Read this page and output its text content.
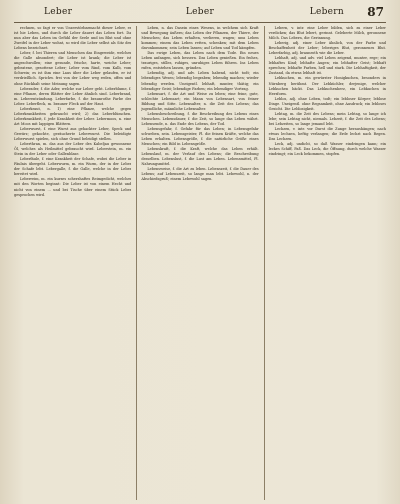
Leber	Leber	Lebern 87

rechnen, so fagt er von Unzerstörbarmacht dieser Leber, er ist hie Leben, und durch die Leber dauert das Leben fort. Da nun aber das Leben im Gefühl der Seele und im Blut und ohne Zweifel in der Leber wohnt, so wird die Leber selbst als Sitz des Lebens bezeichnet.

Leber, f. bei Thieren und Menschen das Eingeweide, welches die Galle absondert; die Leber ist krank; die Leber ist angeschwollen; eine gesunde, frische, harte, weiche Leber; gebratene, gesottene Leber; Leber vom Rind, vom Kalb, vom Schwein; es ist ihm eine Laus über die Leber gelaufen, er ist verdrießlich. Sprichw. frei von der Leber weg reden, offen und ohne Rückhalt seine Meinung sagen.

Leberader, f. die Ader, welche zur Leber geht. Leberblume, f. eine Pflanze, deren Blätter der Leber ähnlich sind. Leberbrand, m. Leberentzündung. Leberfarbe, f. die braunrothe Farbe der Leber. Leberfleck, m. brauner Fleck auf der Haut.

Leberkraut, n. 1) eine Pflanze, welche gegen Leberkrankheiten gebraucht wird; 2) das Leberblümchen. Leberkrankheit, f. jede Krankheit der Leber. Lebermoos, n. eine Art Moos mit lappigen Blättern.

Leberwurst, f. eine Wurst aus gehackter Leber, Speck und Gewürz; gekochte, geräucherte Leberwurst. Die beleidigte Leberwurst spielen, sich ohne Grund beleidigt stellen.

Leberthran, m. das aus der Leber des Kabeljau gewonnene Öl, welches als Heilmittel gebraucht wird. Leberstein, m. ein Stein in der Leber oder Gallenblase.

Leberfäule, f. eine Krankheit der Schafe, wobei die Leber in Fäulnis übergeht. Leberwurm, m. ein Wurm, der in der Leber der Schafe lebt. Lebergalle, f. die Galle, welche in der Leber bereitet wird.

Leberreim, m. ein kurzes scherzhaftes Reimgedicht, welches mit den Worten beginnt: Die Leber ist von einem Hecht und nicht von einem ... und bei Tische über einem Stück Leber gesprochen wird.

Leben, n. das Dasein eines Wesens, in welchem sich Kraft und Bewegung äußern; das Leben der Pflanzen, der Thiere, der Menschen; das Leben erhalten, verlieren, wagen; ums Leben kommen; einem das Leben retten, schenken; mit dem Leben davonkommen; sein Leben lassen; auf Leben und Tod kämpfen.

Das ewige Leben, das Leben nach dem Tode. Ein neues Leben anfangen, sich bessern. Das Leben genießen. Ein frohes, trauriges, stilles, ruhiges, unruhiges Leben führen. Ins Leben rufen, entstehen lassen, gründen.

Lebendig, adj. und adv. Leben habend, nicht todt; ein lebendiges Wesen; lebendig begraben; lebendig machen; wieder lebendig werden. Uneigentl. lebhaft, munter, thätig; ein lebendiger Geist; lebendige Farben; ein lebendiger Vortrag.

Lebensart, f. die Art und Weise zu leben; eine feine, gute, schlechte Lebensart; ein Mann von Lebensart, von feiner Bildung und Sitte. Lebensalter, n. die Zeit des Lebens; das jugendliche, männliche Lebensalter.

Lebensbeschreibung, f. die Beschreibung des Lebens eines Menschen. Lebensdauer, f. die Zeit, so lange das Leben währt. Lebensende, n. das Ende des Lebens, der Tod.

Lebensgefahr, f. Gefahr für das Leben; in Lebensgefahr schweben, sein. Lebensgeister, Pl. die feinen Kräfte, welche das Leben erhalten. Lebensgröße, f. die natürliche Größe eines Menschen; ein Bild in Lebensgröße.

Lebenskraft, f. die Kraft, welche das Leben erhält. Lebenslauf, m. der Verlauf des Lebens; die Beschreibung desselben. Lebenslust, f. die Lust am Leben. Lebensmittel, Pl. Nahrungsmittel.

Lebensweise, f. die Art zu leben. Lebenszeit, f. die Dauer des Lebens; auf Lebenszeit, so lange man lebt. Lebewohl, n. der Abschiedsgruß; einem Lebewohl sagen.

Lebern, v. intr. eine Leber bilden, sich zu einer Leber verdicken; das Blut lebert, gerinnt. Geleberte Milch, geronnene Milch. Das Lebern, die Gerinnung.

Leberig, adj. einer Leber ähnlich, von der Farbe und Beschaffenheit der Leber; leberiges Blut, geronnenes Blut. Leberfarbig, adj. braunroth wie die Leber.

Lebhaft, adj. und adv. viel Leben zeigend, munter, rege; ein lebhaftes Kind; lebhafte Augen; ein lebhafter Geist; lebhaft sprechen; lebhafte Farben, hell und stark. Die Lebhaftigkeit, der Zustand, da etwas lebhaft ist.

Lebkuchen, m. ein gewürzter Honigkuchen, besonders in Nürnberg berühmt. Der Lebküchler, derjenige, welcher Lebkuchen bäckt. Das Lebkuchenherz, ein Lebkuchen in Herzform.

Leblos, adj. ohne Leben, todt; ein lebloser Körper; leblose Dinge. Uneigentl. ohne Regsamkeit, ohne Ausdruck; ein lebloses Gesicht. Die Leblosigkeit.

Lebtag, m. die Zeit des Lebens; mein Lebtag, so lange ich lebe; sein Lebtag nicht, niemals. Lebzeit, f. die Zeit des Lebens; bei Lebzeiten, so lange jemand lebt.

Lechzen, v. intr. vor Durst die Zunge heraushängen; nach etwas lechzen, heftig verlangen; die Erde lechzt nach Regen. Das Lechzen.

Leck, adj. undicht, so daß Wasser eindringen kann; ein leckes Schiff, Faß. Das Leck, die Öffnung, durch welche Wasser eindringt; ein Leck bekommen, stopfen.
